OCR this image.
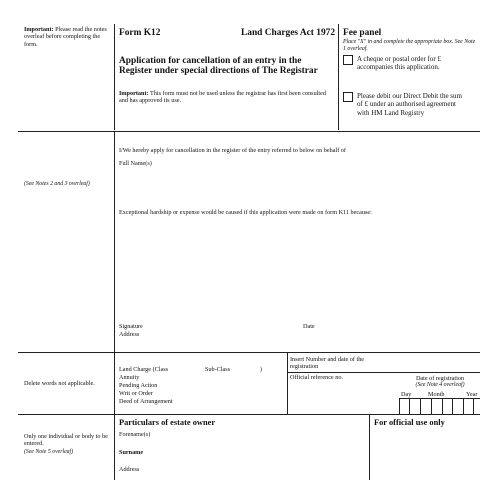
Important: Please read the notes overleaf before completing the form.
(See Notes 2 and 3 overleaf)
Delete words not applicable.
Only one individual or body to be entered.
(See Note 5 overleaf)
Form K12	Land Charges Act 1972
Application for cancellation of an entry in the Register under special directions of The Registrar
Important: This form must not be used unless the registrar has first been consulted and has approved its use.
Fee panel
Place "X" in and complete the appropriate box. See Note 1 overleaf.
A cheque or postal order for £ accompanies this application.
Please debit our Direct Debit the sum of £ under an authorised agreement with HM Land Registry
I/We hereby apply for cancellation in the register of the entry referred to below on behalf of
Full Name(s)
Exceptional hardship or expense would be caused if this application were made on form K11 because:
Signature	Date
Address
Land Charge (Class	Sub-Class	)
Annuity
Pending Action
Writ or Order
Deed of Arrangement
Insert Number and date of the registration
Official reference no.	Date of registration
(See Note 4 overleaf)
Day	Month	Year
Particulars of estate owner
Forename(s)
Surname
Address
For official use only
